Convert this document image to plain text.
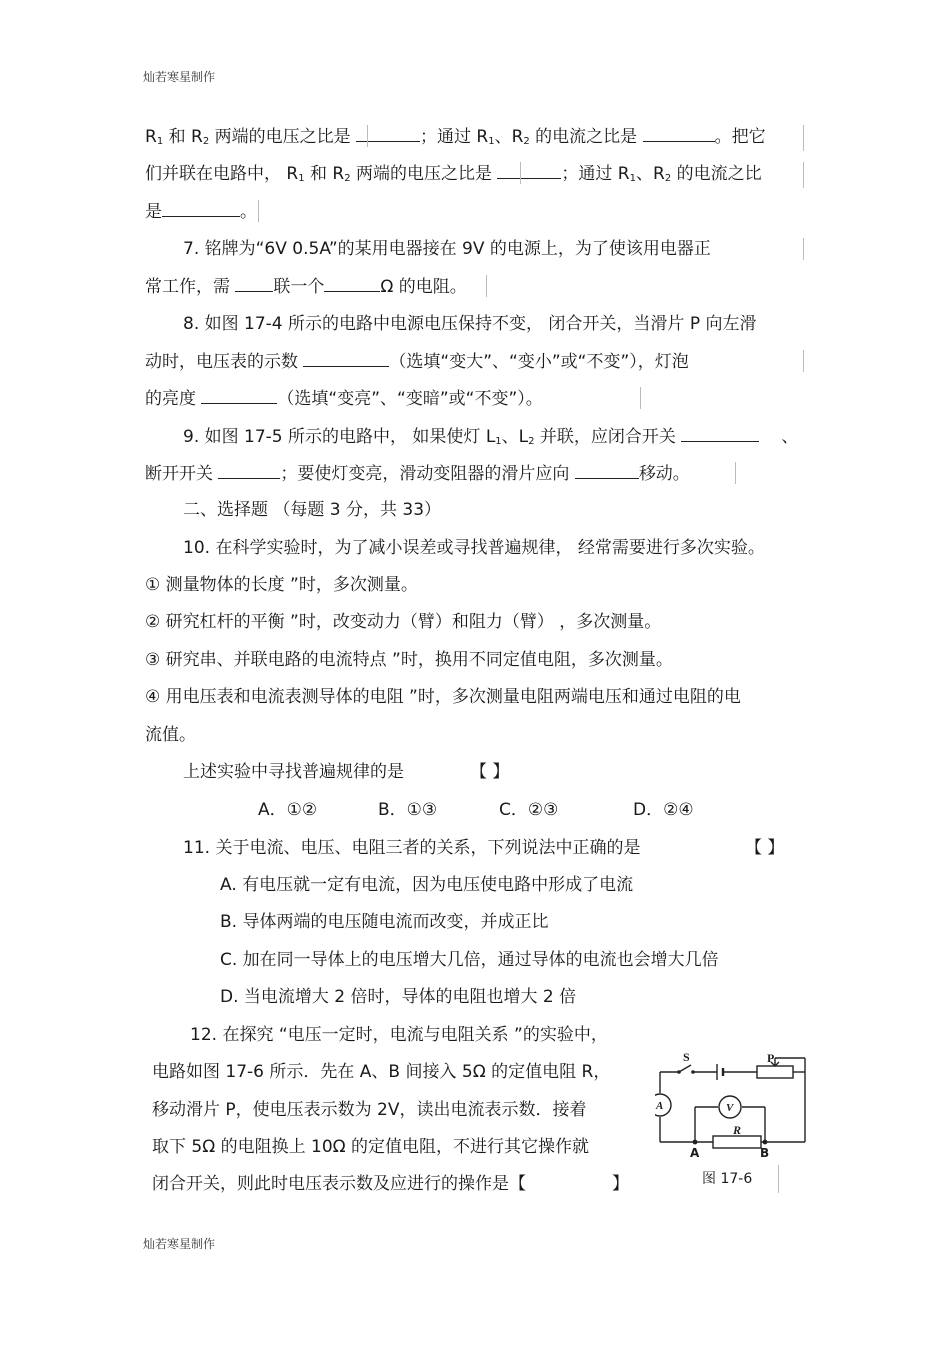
灿若寒星制作
灿若寒星制作
$R_1$ 和 $R_2$ 两端的电压之比是	；通过 $R_1$、$R_2$ 的电流之比是	。把它
们并联在电路中， $R_1$ 和 $R_2$ 两端的电压之比是	；通过 $R_1$、$R_2$ 的电流之比
是	。
7. 铭牌为“6V 0.5A”的某用电器接在 9V 的电源上，为了使该用电器正
常工作，需 联一个	Ω 的电阻。
8. 如图 17-4 所示的电路中电源电压保持不变， 闭合开关，当滑片 P 向左滑
动时，电压表的示数	（选填“变大”、“变小”或“不变”），灯泡
的亮度	（选填“变亮”、“变暗”或“不变”）。
9. 如图 17-5 所示的电路中， 如果使灯 $L_1$、$L_2$ 并联，应闭合开关	、
断开开关	；要使灯变亮，滑动变阻器的滑片应向	移动。
二、选择题 （每题 3 分，共 33）
10. 在科学实验时，为了减小误差或寻找普遍规律， 经常需要进行多次实验。
① 测量物体的长度 ”时，多次测量。
② 研究杠杆的平衡 ”时，改变动力（臂）和阻力（臂） ，多次测量。
③ 研究串、并联电路的电流特点 ”时，换用不同定值电阻，多次测量。
④ 用电压表和电流表测导体的电阻 ”时，多次测量电阻两端电压和通过电阻的电
流值。
上述实验中寻找普遍规律的是	【 】
A．①②	B．①③	C．②③	D．②④
11. 关于电流、电压、电阻三者的关系，下列说法中正确的是	【 】
A. 有电压就一定有电流，因为电压使电路中形成了电流
B. 导体两端的电压随电流而改变，并成正比
C. 加在同一导体上的电压增大几倍，通过导体的电流也会增大几倍
D. 当电流增大 2 倍时，导体的电阻也增大 2 倍
12. 在探究 “电压一定时，电流与电阻关系 ”的实验中，
电路如图 17-6 所示．先在 A、B 间接入 5Ω 的定值电阻 R，
移动滑片 P，使电压表示数为 2V，读出电流表示数．接着
取下 5Ω 的电阻换上 10Ω 的定值电阻，不进行其它操作就
闭合开关，则此时电压表示数及应进行的操作是【	】
S	P
A	V
R
A	B
图 17-6
